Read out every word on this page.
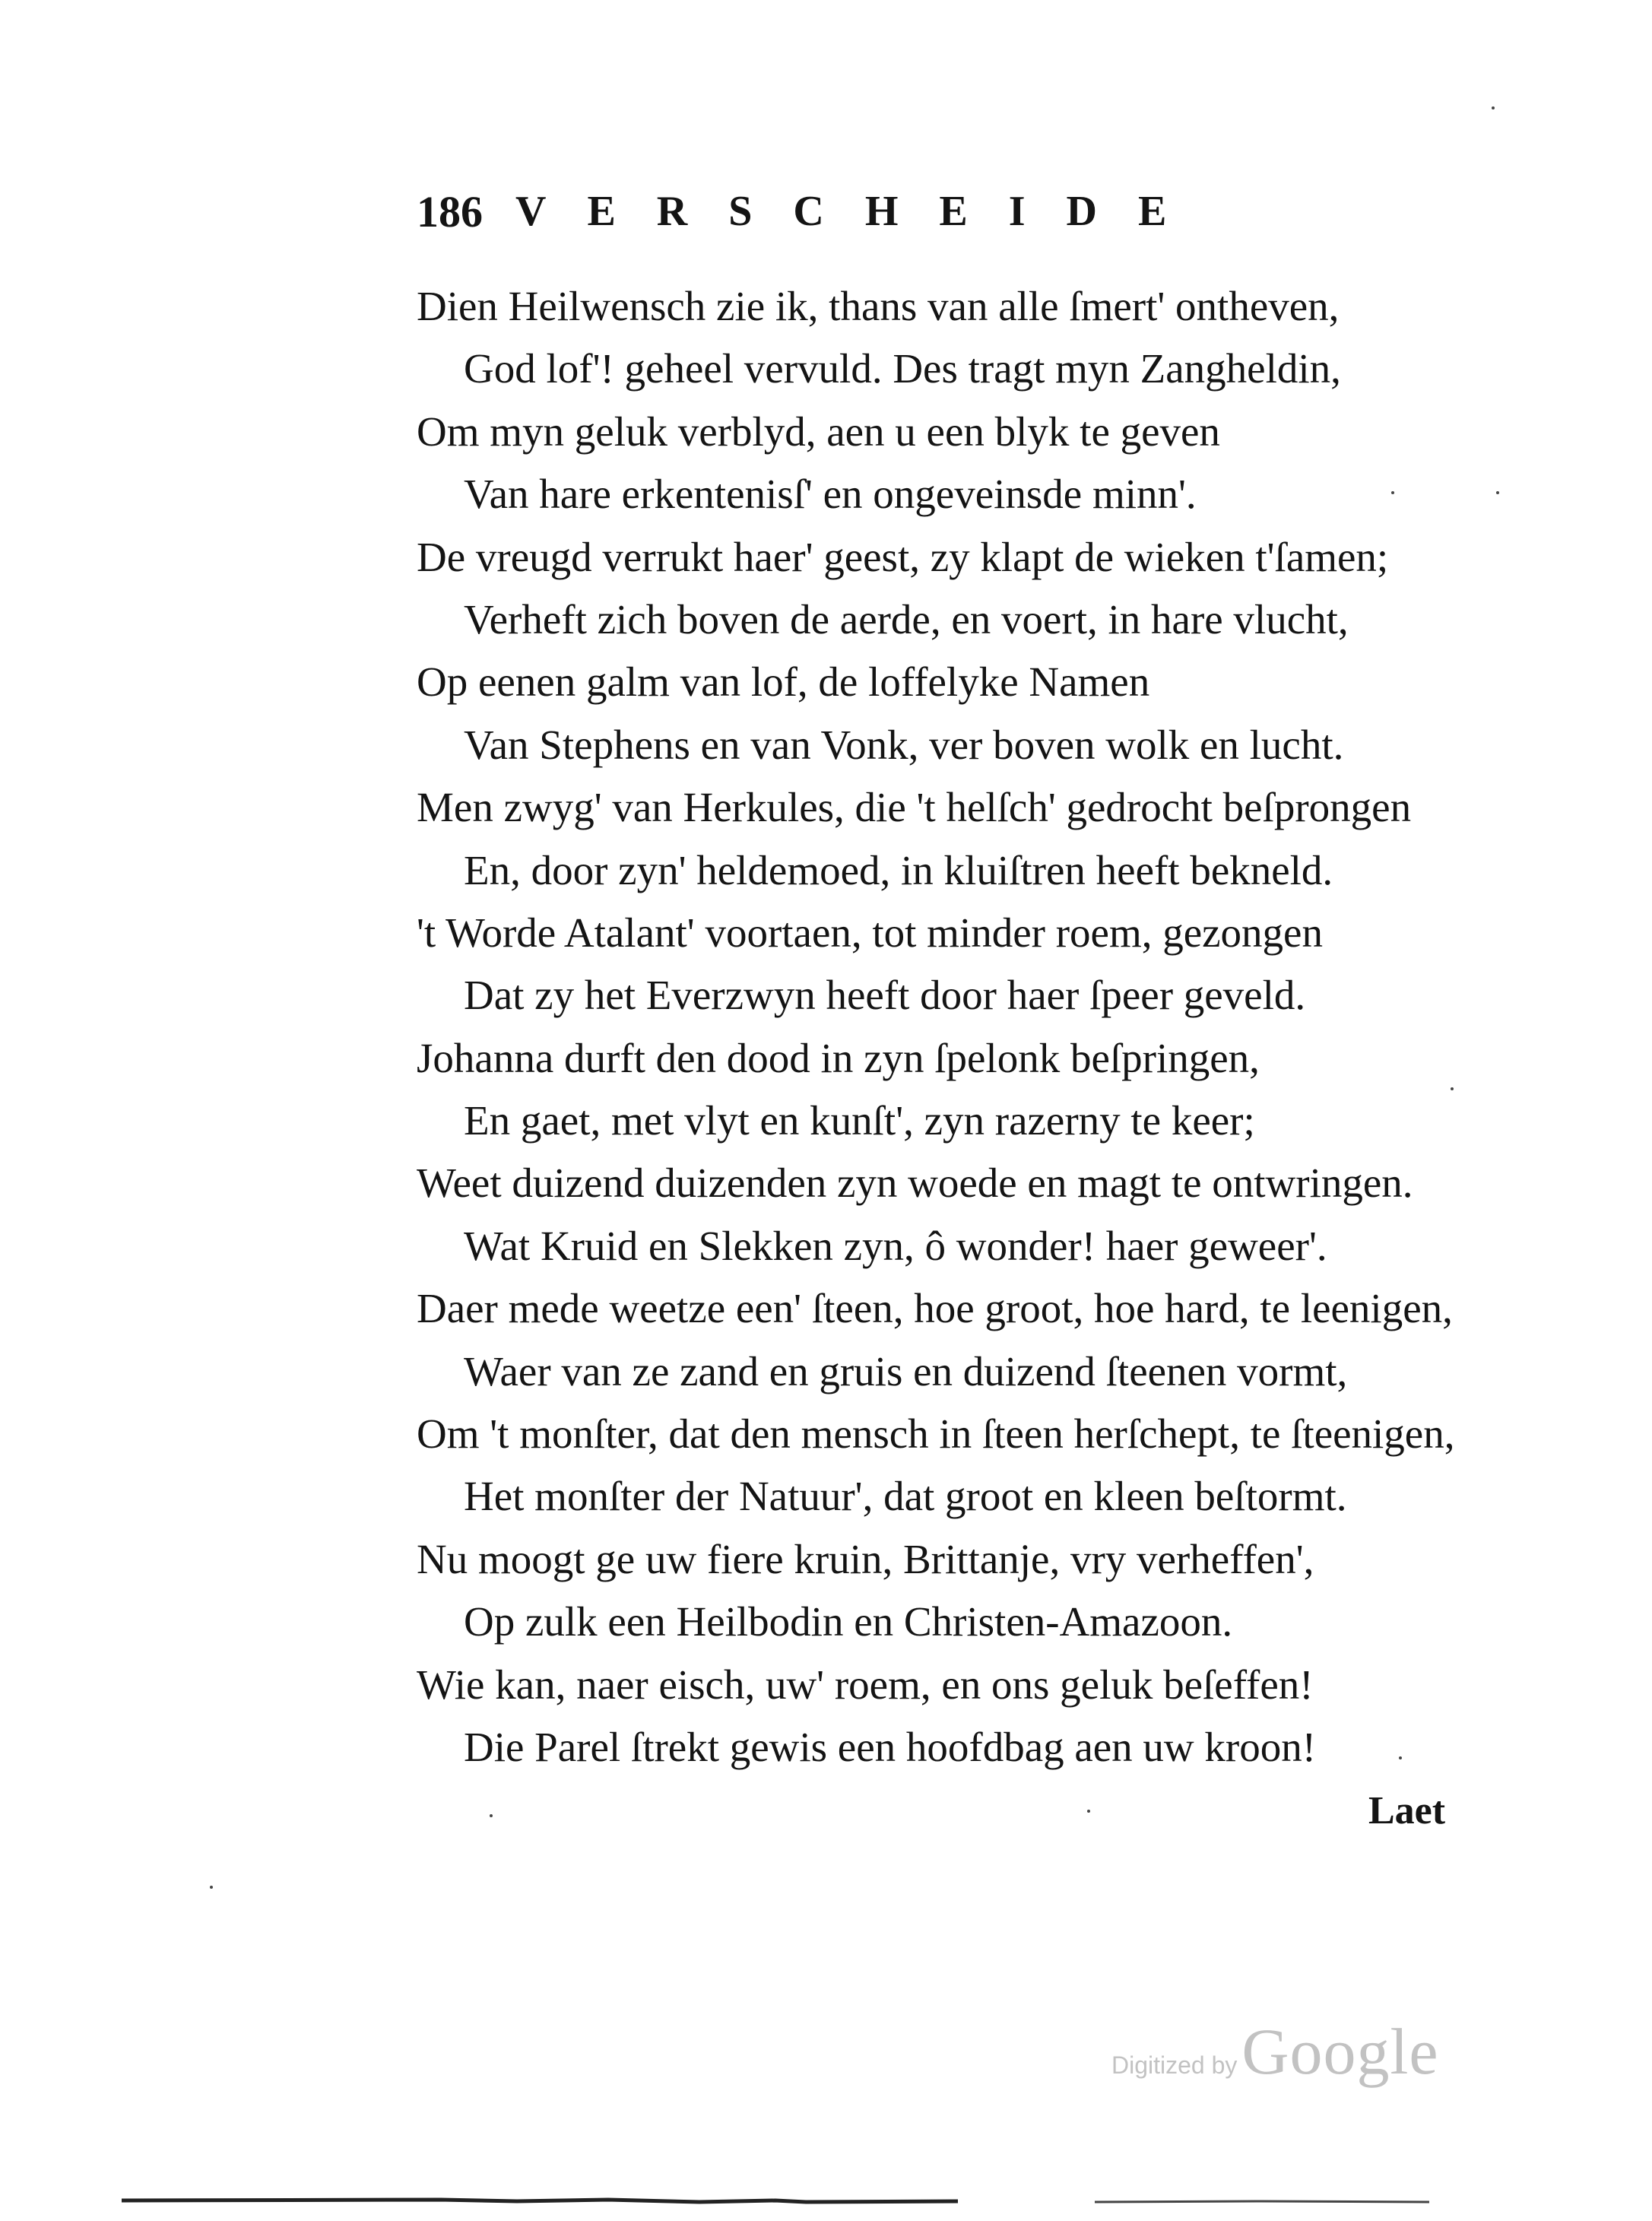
186 VERSCHEIDE
Dien Heilwensch zie ik, thans van alle ſmert' ontheven,
God lof'! geheel vervuld. Des tragt myn Zangheldin,
Om myn geluk verblyd, aen u een blyk te geven
Van hare erkentenisſ' en ongeveinsde minn'.
De vreugd verrukt haer' geest, zy klapt de wieken t'ſamen;
Verheft zich boven de aerde, en voert, in hare vlucht,
Op eenen galm van lof, de loffelyke Namen
Van Stephens en van Vonk, ver boven wolk en lucht.
Men zwyg' van Herkules, die 't helſch' gedrocht beſprongen
En, door zyn' heldemoed, in kluiſtren heeft bekneld.
't Worde Atalant' voortaen, tot minder roem, gezongen
Dat zy het Everzwyn heeft door haer ſpeer geveld.
Johanna durft den dood in zyn ſpelonk beſpringen,
En gaet, met vlyt en kunſt', zyn razerny te keer;
Weet duizend duizenden zyn woede en magt te ontwringen.
Wat Kruid en Slekken zyn, ô wonder! haer geweer'.
Daer mede weetze een' ſteen, hoe groot, hoe hard, te leenigen,
Waer van ze zand en gruis en duizend ſteenen vormt,
Om 't monſter, dat den mensch in ſteen herſchept, te ſteenigen,
Het monſter der Natuur', dat groot en kleen beſtormt.
Nu moogt ge uw fiere kruin, Brittanje, vry verheffen',
Op zulk een Heilbodin en Christen-Amazoon.
Wie kan, naer eisch, uw' roem, en ons geluk beſeffen!
Die Parel ſtrekt gewis een hoofdbag aen uw kroon!
Laet
Digitized by Google
